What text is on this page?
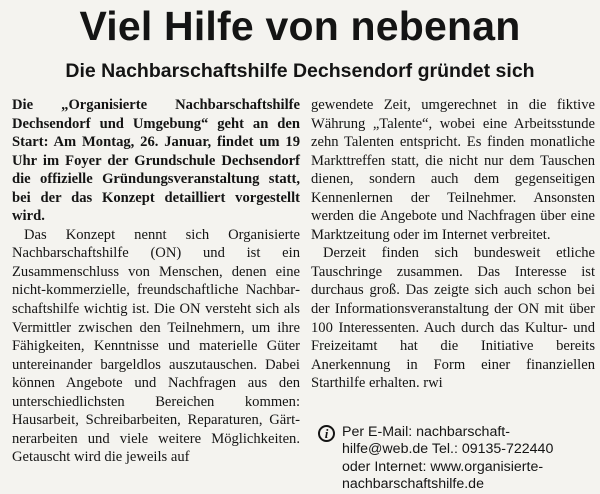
Viel Hilfe von nebenan
Die Nachbarschaftshilfe Dechsendorf gründet sich

Die „Organisierte Nachbarschaftshilfe Dechsendorf und Umgebung“ geht an den Start: Am Montag, 26. Januar, findet um 19 Uhr im Foyer der Grundschule Dechsendorf die offizielle Gründungsveranstaltung statt, bei der das Konzept detailliert vorgestellt wird.

Das Konzept nennt sich Organisierte Nachbarschaftshilfe (ON) und ist ein Zusammenschluss von Menschen, denen eine nicht-kommerzielle, freundschaftliche Nachbarschaftshilfe wichtig ist. Die ON versteht sich als Vermittler zwischen den Teilnehmern, um ihre Fähigkeiten, Kenntnisse und materielle Güter untereinander bargeldlos auszutauschen. Dabei können Angebote und Nachfragen aus den unterschiedlichsten Bereichen kommen: Hausarbeit, Schreibarbeiten, Reparaturen, Gärtnerarbeiten und viele weitere Möglichkeiten. Getauscht wird die jeweils auf

gewendete Zeit, umgerechnet in die fiktive Währung „Talente“, wobei eine Arbeitsstunde zehn Talenten entspricht. Es finden monatliche Markttreffen statt, die nicht nur dem Tauschen dienen, sondern auch dem gegenseitigen Kennenlernen der Teilnehmer. Ansonsten werden die Angebote und Nachfragen über eine Marktzeitung oder im Internet verbreitet.

Derzeit finden sich bundesweit etliche Tauschringe zusammen. Das Interesse ist durchaus groß. Das zeigte sich auch schon bei der Informationsveranstaltung der ON mit über 100 Interessenten. Auch durch das Kultur- und Freizeitamt hat die Initiative bereits Anerkennung in Form einer finanziellen Starthilfe erhalten. rwi

i Per E-Mail: nachbarschaft-
hilfe@web.de Tel.: 09135-722440
oder Internet: www.organisierte-
nachbarschaftshilfe.de
